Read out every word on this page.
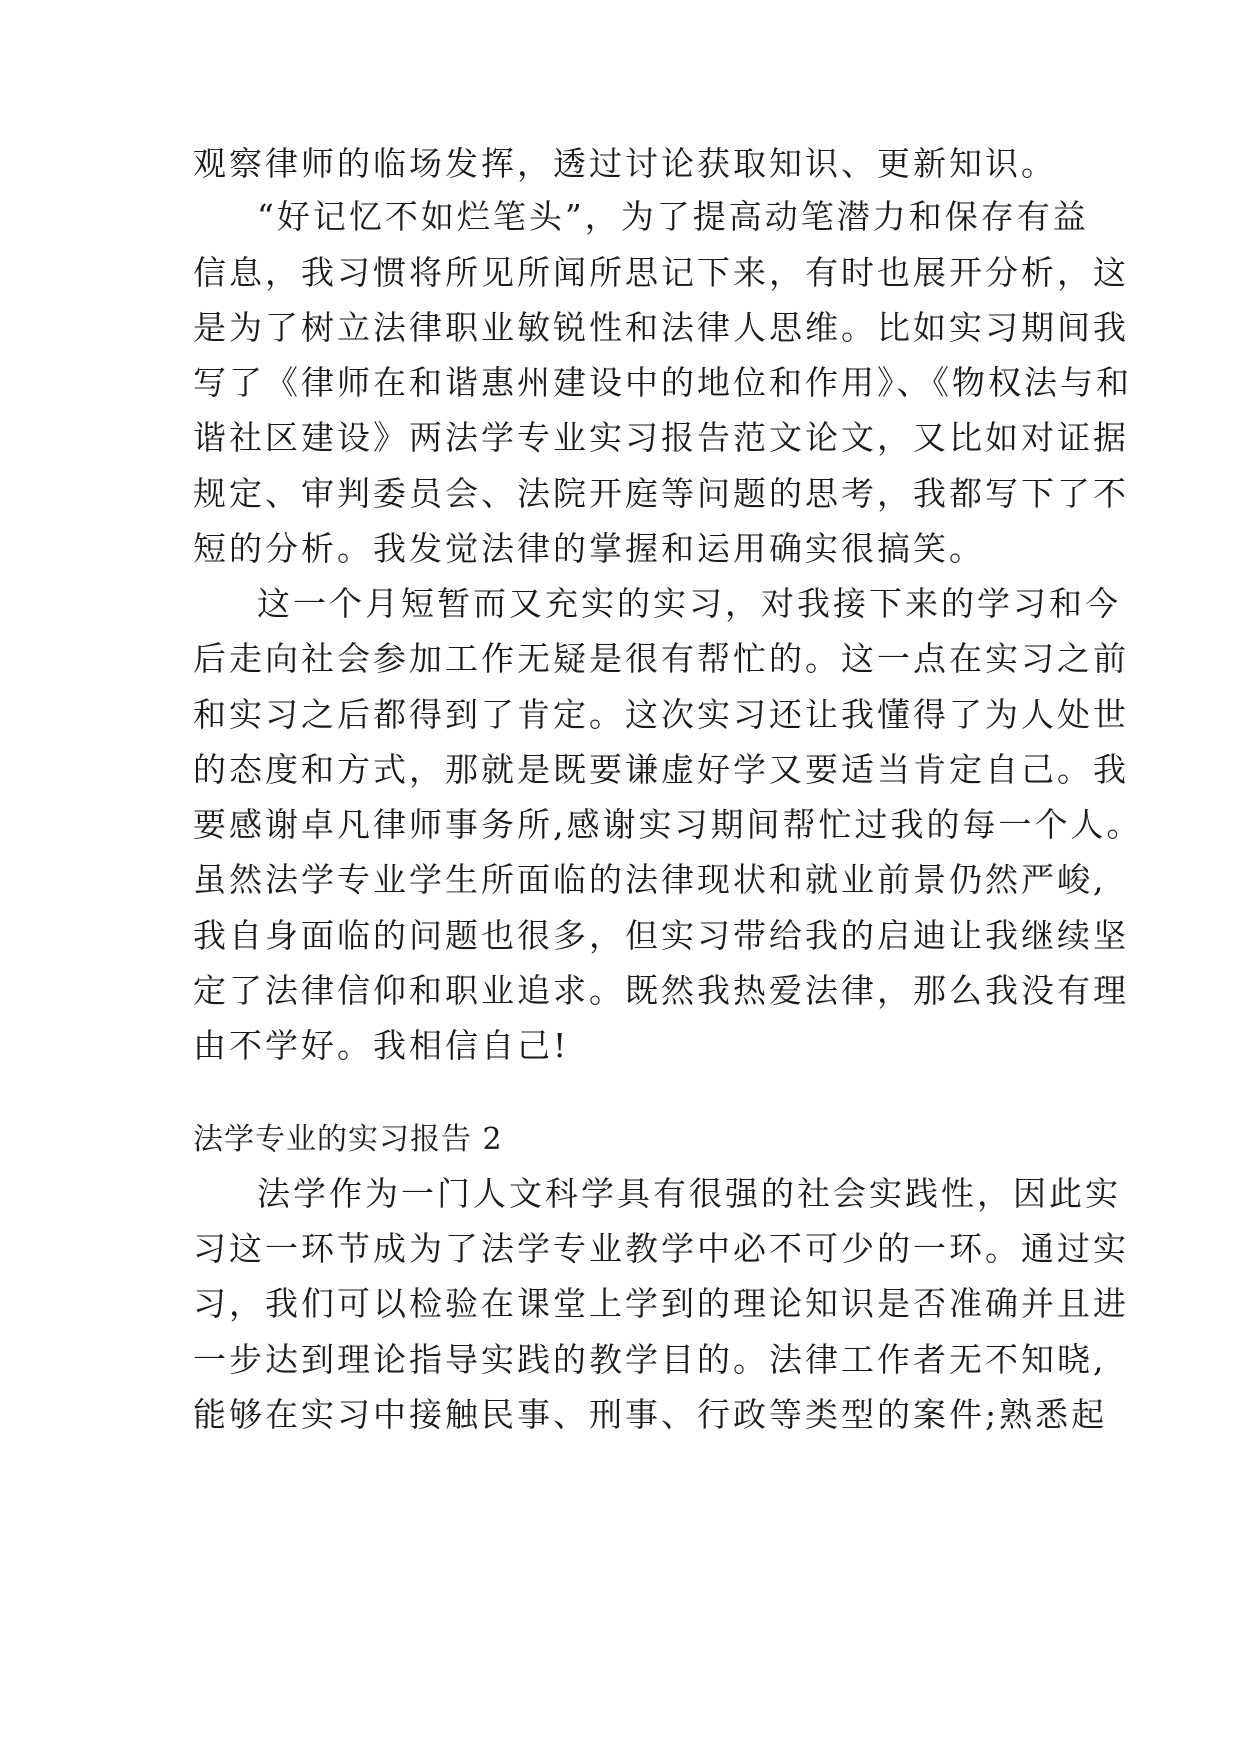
观察律师的临场发挥，透过讨论获取知识、更新知识。
“好记忆不如烂笔头”，为了提高动笔潜力和保存有益
信息，我习惯将所见所闻所思记下来，有时也展开分析，这
是为了树立法律职业敏锐性和法律人思维。比如实习期间我
写了《律师在和谐惠州建设中的地位和作用》、《物权法与和
谐社区建设》两法学专业实习报告范文论文，又比如对证据
规定、审判委员会、法院开庭等问题的思考，我都写下了不
短的分析。我发觉法律的掌握和运用确实很搞笑。
这一个月短暂而又充实的实习，对我接下来的学习和今
后走向社会参加工作无疑是很有帮忙的。这一点在实习之前
和实习之后都得到了肯定。这次实习还让我懂得了为人处世
的态度和方式，那就是既要谦虚好学又要适当肯定自己。我
要感谢卓凡律师事务所,感谢实习期间帮忙过我的每一个人。
虽然法学专业学生所面临的法律现状和就业前景仍然严峻,
我自身面临的问题也很多，但实习带给我的启迪让我继续坚
定了法律信仰和职业追求。既然我热爱法律，那么我没有理
由不学好。我相信自己!
法学专业的实习报告 2
法学作为一门人文科学具有很强的社会实践性，因此实
习这一环节成为了法学专业教学中必不可少的一环。通过实
习，我们可以检验在课堂上学到的理论知识是否准确并且进
一步达到理论指导实践的教学目的。法律工作者无不知晓,
能够在实习中接触民事、刑事、行政等类型的案件;熟悉起
